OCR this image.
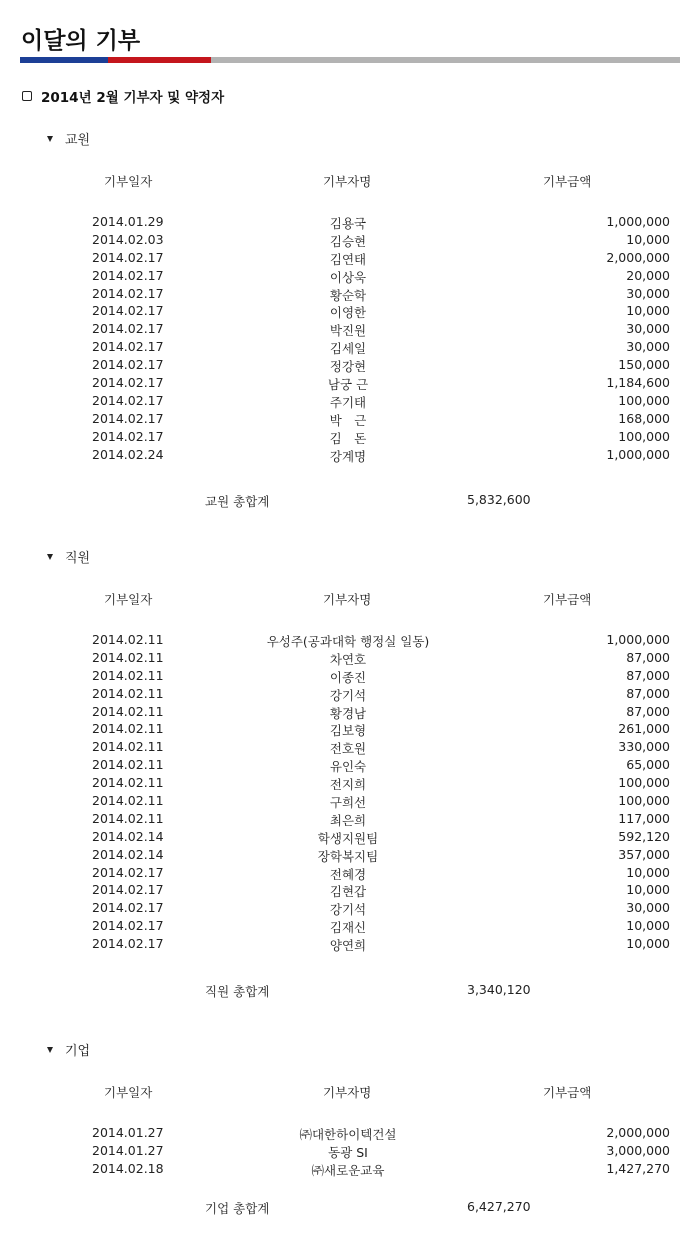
이달의 기부
2014년 2월 기부자 및 약정자
교원
기부일자	기부자명	기부금액
2014.01.29	김용국	1,000,000
2014.02.03	김승현	10,000
2014.02.17	김연태	2,000,000
2014.02.17	이상욱	20,000
2014.02.17	황순학	30,000
2014.02.17	이영한	10,000
2014.02.17	박진원	30,000
2014.02.17	김세일	30,000
2014.02.17	정강현	150,000
2014.02.17	남궁 근	1,184,600
2014.02.17	주기태	100,000
2014.02.17	박　근	168,000
2014.02.17	김　돈	100,000
2014.02.24	강계명	1,000,000
교원 총합계	5,832,600
직원
기부일자	기부자명	기부금액
2014.02.11	우성주(공과대학 행정실 일동)	1,000,000
2014.02.11	차연호	87,000
2014.02.11	이종진	87,000
2014.02.11	강기석	87,000
2014.02.11	황경남	87,000
2014.02.11	김보형	261,000
2014.02.11	전호원	330,000
2014.02.11	유인숙	65,000
2014.02.11	전지희	100,000
2014.02.11	구희선	100,000
2014.02.11	최은희	117,000
2014.02.14	학생지원팀	592,120
2014.02.14	장학복지팀	357,000
2014.02.17	전혜경	10,000
2014.02.17	김현갑	10,000
2014.02.17	강기석	30,000
2014.02.17	김재신	10,000
2014.02.17	양연희	10,000
직원 총합계	3,340,120
기업
기부일자	기부자명	기부금액
2014.01.27	㈜대한하이텍건설	2,000,000
2014.01.27	동광 SI	3,000,000
2014.02.18	㈜새로운교육	1,427,270
기업 총합계	6,427,270
